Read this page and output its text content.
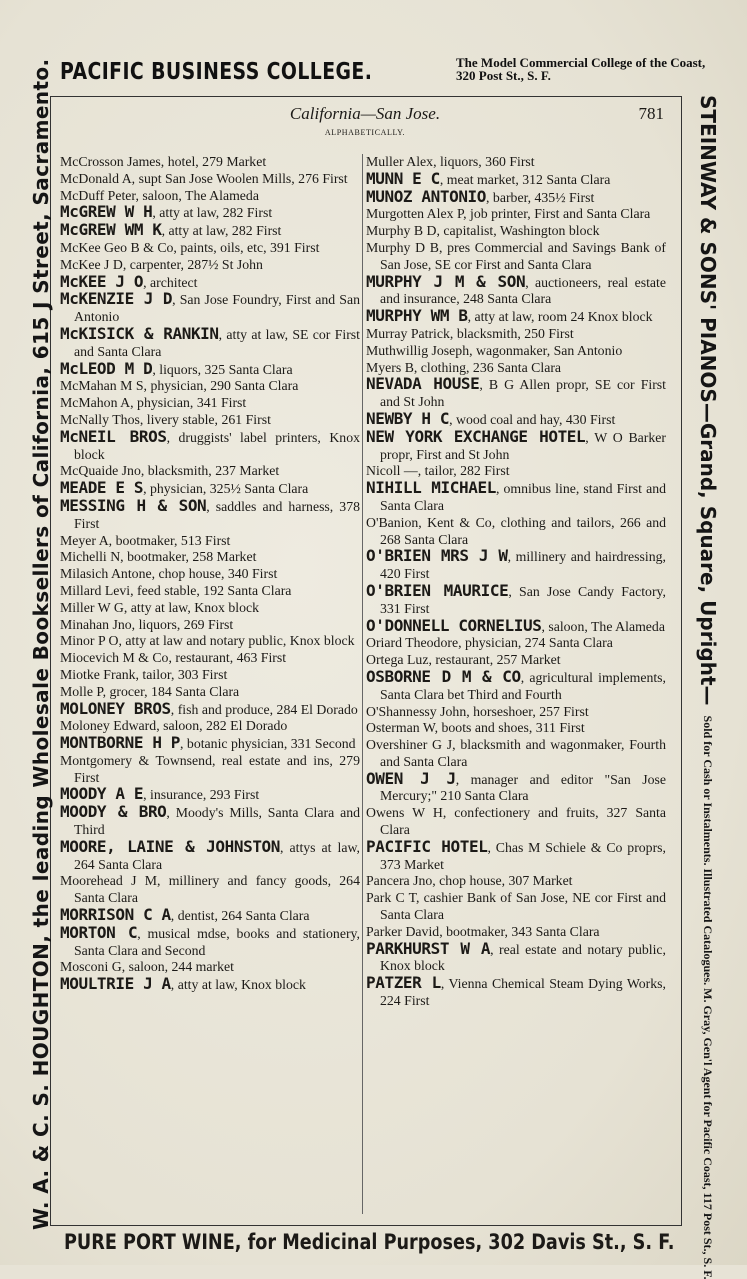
PACIFIC BUSINESS COLLEGE.	The Model Commercial College of the Coast, 320 Post St., S. F.
W. A. & C. S. HOUGHTON, the leading Wholesale Booksellers of California, 615 J Street, Sacramento.	STEINWAY & SONS' PIANOS—Grand, Square, Upright—
Sold for Cash or Instalments. Illustrated Catalogues. M. Gray, Gen'l Agent for Pacific Coast, 117 Post St., S. F.
California—San Jose.	781
ALPHABETICALLY.
McCrosson James, hotel, 279 Market
McDonald A, supt San Jose Woolen Mills, 276 First
McDuff Peter, saloon, The Alameda
McGREW W H, atty at law, 282 First
McGREW WM K, atty at law, 282 First
McKee Geo B & Co, paints, oils, etc, 391 First
McKee J D, carpenter, 287½ St John
McKEE J O, architect
McKENZIE J D, San Jose Foundry, First and San Antonio
McKISICK & RANKIN, atty at law, SE cor First and Santa Clara
McLEOD M D, liquors, 325 Santa Clara
McMahan M S, physician, 290 Santa Clara
McMahon A, physician, 341 First
McNally Thos, livery stable, 261 First
McNEIL BROS, druggists' label printers, Knox block
McQuaide Jno, blacksmith, 237 Market
MEADE E S, physician, 325½ Santa Clara
MESSING H & SON, saddles and harness, 378 First
Meyer A, bootmaker, 513 First
Michelli N, bootmaker, 258 Market
Milasich Antone, chop house, 340 First
Millard Levi, feed stable, 192 Santa Clara
Miller W G, atty at law, Knox block
Minahan Jno, liquors, 269 First
Minor P O, atty at law and notary public, Knox block
Miocevich M & Co, restaurant, 463 First
Miotke Frank, tailor, 303 First
Molle P, grocer, 184 Santa Clara
MOLONEY BROS, fish and produce, 284 El Dorado
Moloney Edward, saloon, 282 El Dorado
MONTBORNE H P, botanic physician, 331 Second
Montgomery & Townsend, real estate and ins, 279 First
MOODY A E, insurance, 293 First
MOODY & BRO, Moody's Mills, Santa Clara and Third
MOORE, LAINE & JOHNSTON, attys at law, 264 Santa Clara
Moorehead J M, millinery and fancy goods, 264 Santa Clara
MORRISON C A, dentist, 264 Santa Clara
MORTON C, musical mdse, books and stationery, Santa Clara and Second
Mosconi G, saloon, 244 market
MOULTRIE J A, atty at law, Knox block
Muller Alex, liquors, 360 First
MUNN E C, meat market, 312 Santa Clara
MUNOZ ANTONIO, barber, 435½ First
Murgotten Alex P, job printer, First and Santa Clara
Murphy B D, capitalist, Washington block
Murphy D B, pres Commercial and Savings Bank of San Jose, SE cor First and Santa Clara
MURPHY J M & SON, auctioneers, real estate and insurance, 248 Santa Clara
MURPHY WM B, atty at law, room 24 Knox block
Murray Patrick, blacksmith, 250 First
Muthwillig Joseph, wagonmaker, San Antonio
Myers B, clothing, 236 Santa Clara
NEVADA HOUSE, B G Allen propr, SE cor First and St John
NEWBY H C, wood coal and hay, 430 First
NEW YORK EXCHANGE HOTEL, W O Barker propr, First and St John
Nicoll —, tailor, 282 First
NIHILL MICHAEL, omnibus line, stand First and Santa Clara
O'Banion, Kent & Co, clothing and tailors, 266 and 268 Santa Clara
O'BRIEN MRS J W, millinery and hairdressing, 420 First
O'BRIEN MAURICE, San Jose Candy Factory, 331 First
O'DONNELL CORNELIUS, saloon, The Alameda
Oriard Theodore, physician, 274 Santa Clara
Ortega Luz, restaurant, 257 Market
OSBORNE D M & CO, agricultural implements, Santa Clara bet Third and Fourth
O'Shannessy John, horseshoer, 257 First
Osterman W, boots and shoes, 311 First
Overshiner G J, blacksmith and wagonmaker, Fourth and Santa Clara
OWEN J J, manager and editor "San Jose Mercury;" 210 Santa Clara
Owens W H, confectionery and fruits, 327 Santa Clara
PACIFIC HOTEL, Chas M Schiele & Co proprs, 373 Market
Pancera Jno, chop house, 307 Market
Park C T, cashier Bank of San Jose, NE cor First and Santa Clara
Parker David, bootmaker, 343 Santa Clara
PARKHURST W A, real estate and notary public, Knox block
PATZER L, Vienna Chemical Steam Dying Works, 224 First
PURE PORT WINE, for Medicinal Purposes, 302 Davis St., S. F.
